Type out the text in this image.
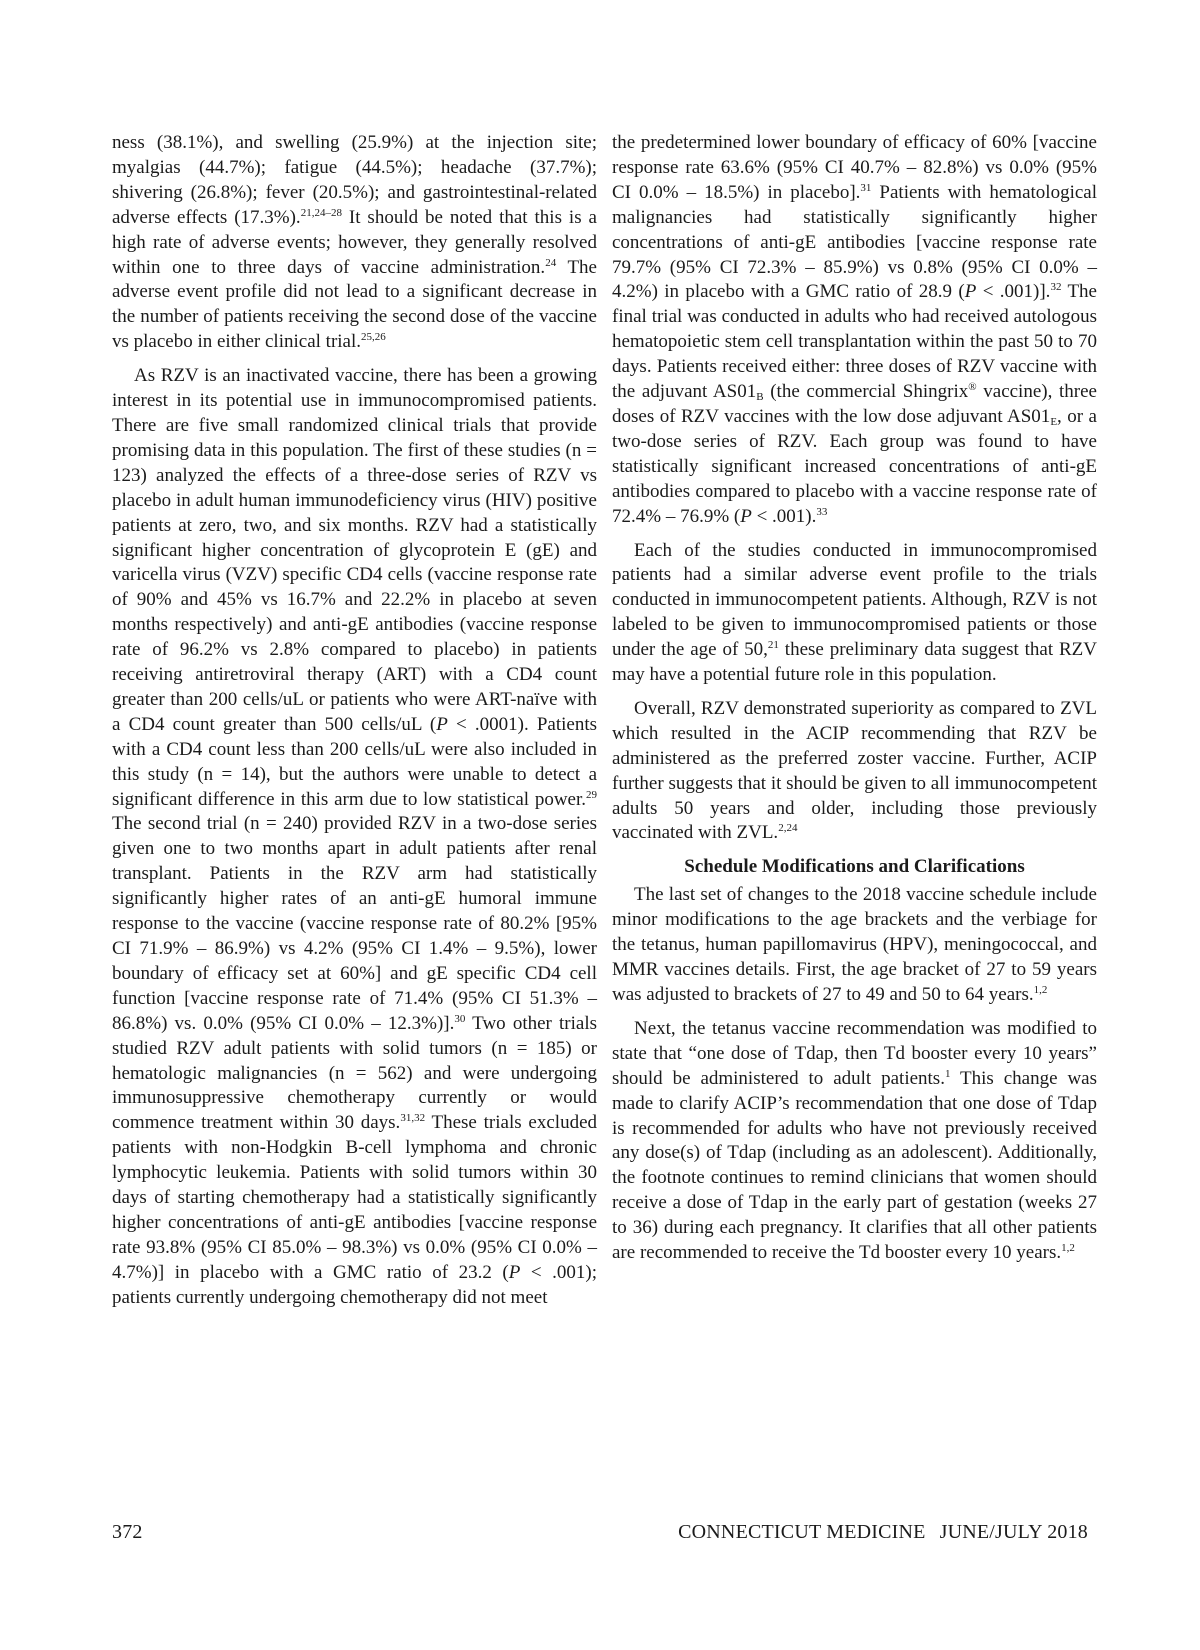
ness (38.1%), and swelling (25.9%) at the injection site; myalgias (44.7%); fatigue (44.5%); headache (37.7%); shivering (26.8%); fever (20.5%); and gastrointestinal-related adverse effects (17.3%).$^{21,24-28}$ It should be noted that this is a high rate of adverse events; however, they generally resolved within one to three days of vaccine administration.$^{24}$ The adverse event profile did not lead to a significant decrease in the number of patients receiving the second dose of the vaccine vs placebo in either clinical trial.$^{25,26}$

As RZV is an inactivated vaccine, there has been a growing interest in its potential use in immunocompromised patients. There are five small randomized clinical trials that provide promising data in this population. The first of these studies (n = 123) analyzed the effects of a three-dose series of RZV vs placebo in adult human immunodeficiency virus (HIV) positive patients at zero, two, and six months. RZV had a statistically significant higher concentration of glycoprotein E (gE) and varicella virus (VZV) specific CD4 cells (vaccine response rate of 90% and 45% vs 16.7% and 22.2% in placebo at seven months respectively) and anti-gE antibodies (vaccine response rate of 96.2% vs 2.8% compared to placebo) in patients receiving antiretroviral therapy (ART) with a CD4 count greater than 200 cells/uL or patients who were ART-naïve with a CD4 count greater than 500 cells/uL (P < .0001). Patients with a CD4 count less than 200 cells/uL were also included in this study (n = 14), but the authors were unable to detect a significant difference in this arm due to low statistical power.$^{29}$ The second trial (n = 240) provided RZV in a two-dose series given one to two months apart in adult patients after renal transplant. Patients in the RZV arm had statistically significantly higher rates of an anti-gE humoral immune response to the vaccine (vaccine response rate of 80.2% [95% CI 71.9% – 86.9%) vs 4.2% (95% CI 1.4% – 9.5%), lower boundary of efficacy set at 60%] and gE specific CD4 cell function [vaccine response rate of 71.4% (95% CI 51.3% – 86.8%) vs. 0.0% (95% CI 0.0% – 12.3%)].$^{30}$ Two other trials studied RZV adult patients with solid tumors (n = 185) or hematologic malignancies (n = 562) and were undergoing immunosuppressive chemotherapy currently or would commence treatment within 30 days.$^{31,32}$ These trials excluded patients with non-Hodgkin B-cell lymphoma and chronic lymphocytic leukemia. Patients with solid tumors within 30 days of starting chemotherapy had a statistically significantly higher concentrations of anti-gE antibodies [vaccine response rate 93.8% (95% CI 85.0% – 98.3%) vs 0.0% (95% CI 0.0% – 4.7%)] in placebo with a GMC ratio of 23.2 (P < .001); patients currently undergoing chemotherapy did not meet

the predetermined lower boundary of efficacy of 60% [vaccine response rate 63.6% (95% CI 40.7% – 82.8%) vs 0.0% (95% CI 0.0% – 18.5%) in placebo].$^{31}$ Patients with hematological malignancies had statistically significantly higher concentrations of anti-gE antibodies [vaccine response rate 79.7% (95% CI 72.3% – 85.9%) vs 0.8% (95% CI 0.0% – 4.2%) in placebo with a GMC ratio of 28.9 (P < .001)].$^{32}$ The final trial was conducted in adults who had received autologous hematopoietic stem cell transplantation within the past 50 to 70 days. Patients received either: three doses of RZV vaccine with the adjuvant $AS01_B$ (the commercial Shingrix® vaccine), three doses of RZV vaccines with the low dose adjuvant $AS01_E$, or a two-dose series of RZV. Each group was found to have statistically significant increased concentrations of anti-gE antibodies compared to placebo with a vaccine response rate of 72.4% – 76.9% (P < .001).$^{33}$

Each of the studies conducted in immunocompromised patients had a similar adverse event profile to the trials conducted in immunocompetent patients. Although, RZV is not labeled to be given to immunocompromised patients or those under the age of 50,21 these preliminary data suggest that RZV may have a potential future role in this population.

Overall, RZV demonstrated superiority as compared to ZVL which resulted in the ACIP recommending that RZV be administered as the preferred zoster vaccine. Further, ACIP further suggests that it should be given to all immunocompetent adults 50 years and older, including those previously vaccinated with ZVL.$^{2,24}$

Schedule Modifications and Clarifications

The last set of changes to the 2018 vaccine schedule include minor modifications to the age brackets and the verbiage for the tetanus, human papillomavirus (HPV), meningococcal, and MMR vaccines details. First, the age bracket of 27 to 59 years was adjusted to brackets of 27 to 49 and 50 to 64 years.$^{1,2}$

Next, the tetanus vaccine recommendation was modified to state that “one dose of Tdap, then Td booster every 10 years” should be administered to adult patients.$^1$ This change was made to clarify ACIP’s recommendation that one dose of Tdap is recommended for adults who have not previously received any dose(s) of Tdap (including as an adolescent). Additionally, the footnote continues to remind clinicians that women should receive a dose of Tdap in the early part of gestation (weeks 27 to 36) during each pregnancy. It clarifies that all other patients are recommended to receive the Td booster every 10 years.$^{1,2}$

372	CONNECTICUT MEDICINE JUNE/JULY 2018
